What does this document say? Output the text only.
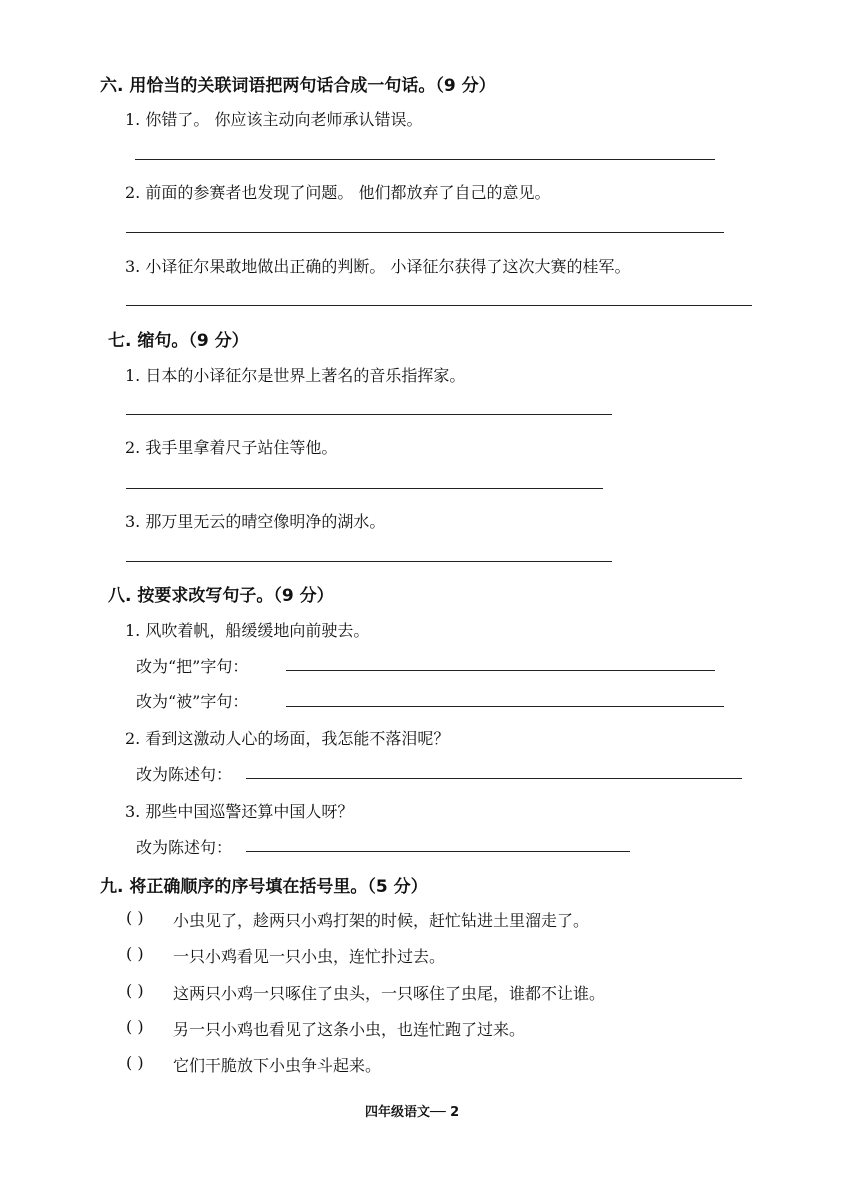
六. 用恰当的关联词语把两句话合成一句话。（9 分）
1. 你错了。 你应该主动向老师承认错误。
2. 前面的参赛者也发现了问题。 他们都放弃了自己的意见。
3. 小译征尔果敢地做出正确的判断。 小译征尔获得了这次大赛的桂军。
七. 缩句。（9 分）
1. 日本的小译征尔是世界上著名的音乐指挥家。
2. 我手里拿着尺子站住等他。
3. 那万里无云的晴空像明净的湖水。
八. 按要求改写句子。（9 分）
1. 风吹着帆，船缓缓地向前驶去。
改为“把”字句：
改为“被”字句：
2. 看到这激动人心的场面，我怎能不落泪呢？
改为陈述句：
3. 那些中国巡警还算中国人呀？
改为陈述句：
九. 将正确顺序的序号填在括号里。（5 分）
( ) 小虫见了，趁两只小鸡打架的时候，赶忙钻进土里溜走了。
( ) 一只小鸡看见一只小虫，连忙扑过去。
( ) 这两只小鸡一只啄住了虫头，一只啄住了虫尾，谁都不让谁。
( ) 另一只小鸡也看见了这条小虫，也连忙跑了过来。
( ) 它们干脆放下小虫争斗起来。
四年级语文── 2
